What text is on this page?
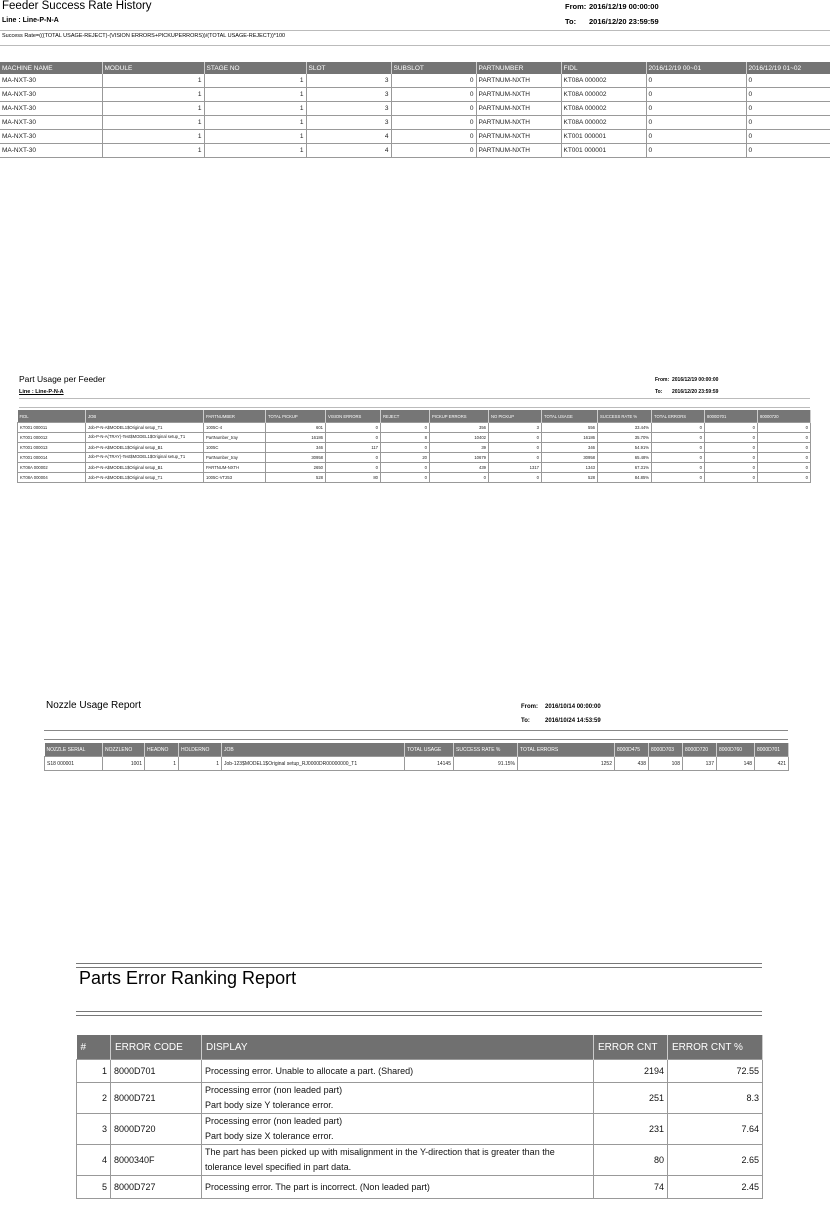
Feeder Success Rate History
Line : Line-P-N-A
From: 2016/12/19 00:00:00
To: 2016/12/20 23:59:59
Success Rate=(((TOTAL USAGE-REJECT)-(VISION ERRORS+PICKUPERRORS))/(TOTAL USAGE-REJECT))*100
MACHINE NAME	MODULE	STAGE NO	SLOT	SUBSLOT	PARTNUMBER	FIDL	2016/12/19 00~01	2016/12/19 01~02
MA-NXT-30	1	1	3	0	PARTNUM-NXTH	KT08A 000002	0	0
MA-NXT-30	1	1	3	0	PARTNUM-NXTH	KT08A 000002	0	0
MA-NXT-30	1	1	3	0	PARTNUM-NXTH	KT08A 000002	0	0
MA-NXT-30	1	1	3	0	PARTNUM-NXTH	KT08A 000002	0	0
MA-NXT-30	1	1	4	0	PARTNUM-NXTH	KT001 000001	0	0
MA-NXT-30	1	1	4	0	PARTNUM-NXTH	KT001 000001	0	0
Part Usage per Feeder
Line : Line-P-N-A
From: 2016/12/19 00:00:00
To: 2016/12/20 23:59:59
FIDL	JOB	PARTNUMBER	TOTAL PICKUP	VISION ERRORS	REJECT	PICKUP ERRORS	NO PICKUP	TOTAL USAGE	SUCCESS RATE %	TOTAL ERRORS	8000D701	80000720
KT001 000011	Job-P-N-A$MODEL1$Original setup_T1	1005C-4	601	0	0	356	3	556	33.44%	0	0	0
KT001 000012	Job-P-N-A(TRAY)-Test$MODEL1$Original setup_T1	PartNumber_tray	16186	0	8	10402	0	16186	35.70%	0	0	0
KT001 000013	Job-P-N-A$MODEL1$Original setup_B1	1005C	346	117	0	39	0	346	54.91%	0	0	0
KT001 000014	Job-P-N-A(TRAY)-Test$MODEL1$Original setup_T1	PartNumber_tray	30958	0	20	10679	0	30958	65.48%	0	0	0
KT08A 000002	Job-P-N-A$MODEL1$Original setup_B1	PARTNUM-NXTH	2650	0	0	439	1317	1343	67.31%	0	0	0
KT08A 000004	Job-P-N-A$MODEL1$Original setup_T1	1005C-VT253	528	80	0	0	0	528	84.85%	0	0	0
Nozzle Usage Report	From: 2016/10/14 00:00:00
To:	2016/10/24 14:53:59
NOZZLE SERIAL	NOZZLENO	HEADNO	HOLDERNO	JOB	TOTAL USAGE	SUCCESS RATE %	TOTAL ERRORS	8000D475	8000D703	8000D720	8000D760	8000D701
S18 000001	1001	1	1	Job-123$MODEL1$Original setup_RJ0000DR00000000_T1	14145	91.15%	1252	438	108	137	148	421
Parts Error Ranking Report
#	ERROR CODE	DISPLAY	ERROR CNT	ERROR CNT %
1	8000D701	Processing error. Unable to allocate a part. (Shared)	2194	72.55
2	8000D721	Processing error (non leaded part)
Part body size Y tolerance error.	251	8.3
3	8000D720	Processing error (non leaded part)
Part body size X tolerance error.	231	7.64
4	8000340F	The part has been picked up with misalignment in the Y-direction that is greater than the
tolerance level specified in part data.	80	2.65
5	8000D727	Processing error. The part is incorrect. (Non leaded part)	74	2.45
